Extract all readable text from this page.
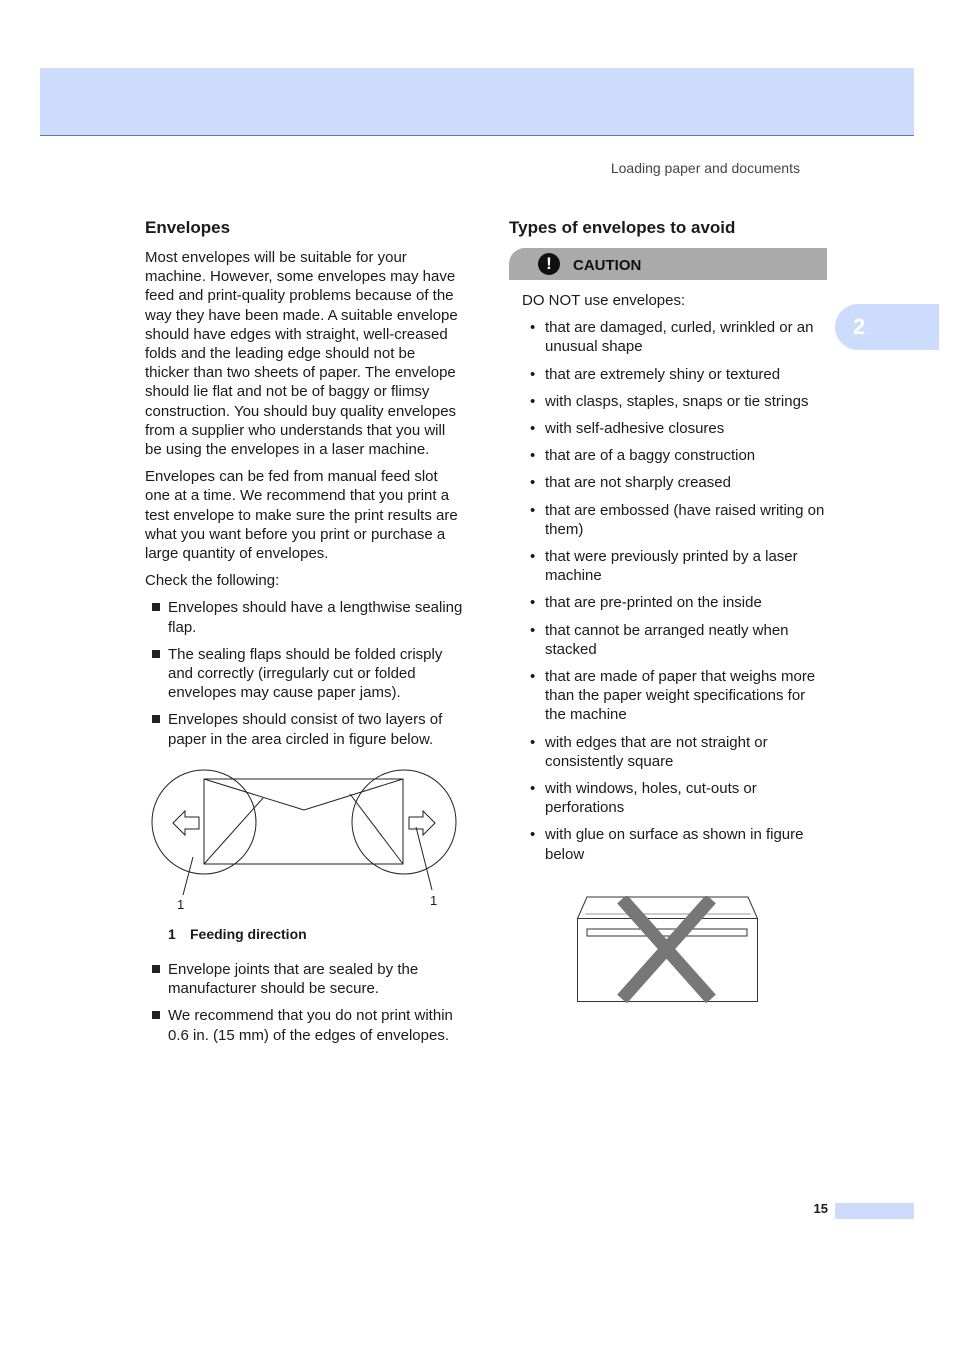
Loading paper and documents
2
Envelopes

Most envelopes will be suitable for your machine. However, some envelopes may have feed and print-quality problems because of the way they have been made. A suitable envelope should have edges with straight, well-creased folds and the leading edge should not be thicker than two sheets of paper. The envelope should lie flat and not be of baggy or flimsy construction. You should buy quality envelopes from a supplier who understands that you will be using the envelopes in a laser machine.

Envelopes can be fed from manual feed slot one at a time. We recommend that you print a test envelope to make sure the print results are what you want before you print or purchase a large quantity of envelopes.

Check the following:

Envelopes should have a lengthwise sealing flap.
The sealing flaps should be folded crisply and correctly (irregularly cut or folded envelopes may cause paper jams).
Envelopes should consist of two layers of paper in the area circled in figure below.
1	1
1 Feeding direction
Envelope joints that are sealed by the manufacturer should be secure.
We recommend that you do not print within 0.6 in. (15 mm) of the edges of envelopes.
Types of envelopes to avoid
!	CAUTION

DO NOT use envelopes:

• that are damaged, curled, wrinkled or an unusual shape
• that are extremely shiny or textured
• with clasps, staples, snaps or tie strings
• with self-adhesive closures
• that are of a baggy construction
• that are not sharply creased
• that are embossed (have raised writing on them)
• that were previously printed by a laser machine
• that are pre-printed on the inside
• that cannot be arranged neatly when stacked
• that are made of paper that weighs more than the paper weight specifications for the machine
• with edges that are not straight or consistently square
• with windows, holes, cut-outs or perforations
• with glue on surface as shown in figure below
15
